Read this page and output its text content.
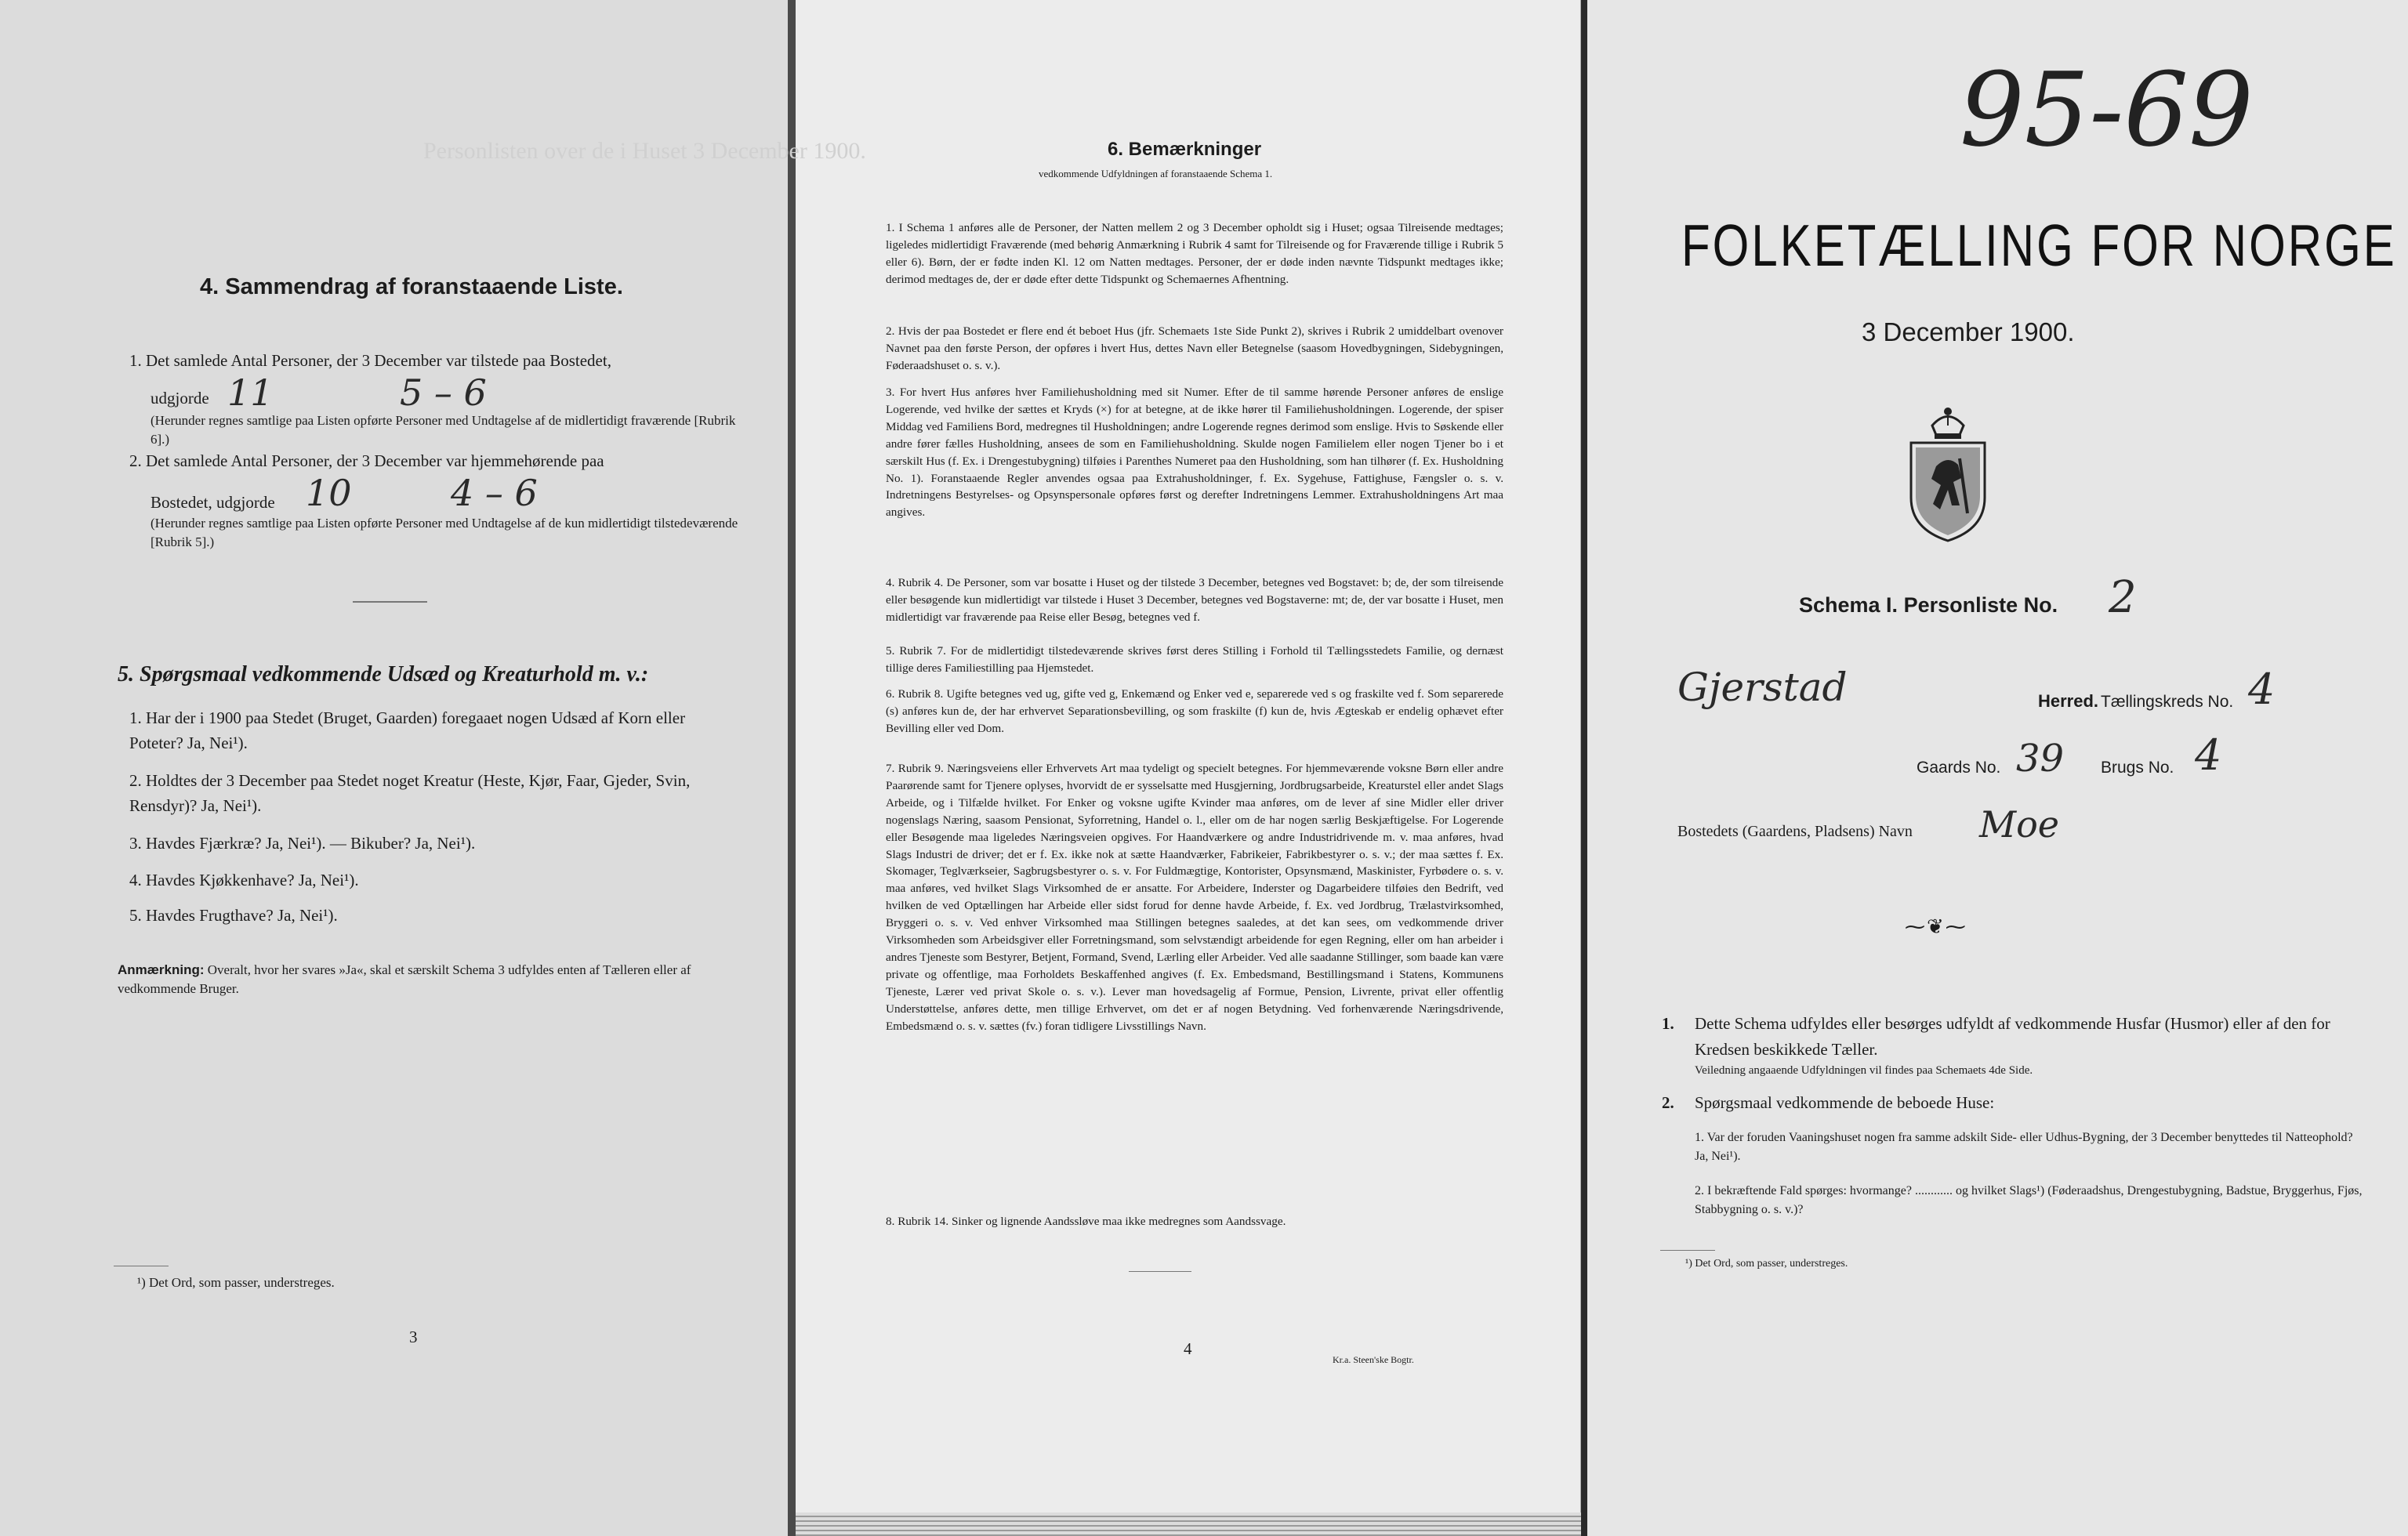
Personlisten over de i Huset 3 December 1900.
4. Sammendrag af foranstaaende Liste.
1. Det samlede Antal Personer, der 3 December var tilstede paa Bostedet,
udgjorde 11	5 – 6
(Herunder regnes samtlige paa Listen opførte Personer med Undtagelse af de midlertidigt fraværende [Rubrik 6].)
2. Det samlede Antal Personer, der 3 December var hjemmehørende paa
Bostedet, udgjorde 10	4 – 6
(Herunder regnes samtlige paa Listen opførte Personer med Undtagelse af de kun midlertidigt tilstedeværende [Rubrik 5].)
5. Spørgsmaal vedkommende Udsæd og Kreaturhold m. v.:
1. Har der i 1900 paa Stedet (Bruget, Gaarden) foregaaet nogen Udsæd af Korn eller Poteter? Ja, Nei¹).
2. Holdtes der 3 December paa Stedet noget Kreatur (Heste, Kjør, Faar, Gjeder, Svin, Rensdyr)? Ja, Nei¹).
3. Havdes Fjærkræ? Ja, Nei¹). — Bikuber? Ja, Nei¹).
4. Havdes Kjøkkenhave? Ja, Nei¹).
5. Havdes Frugthave? Ja, Nei¹).
Anmærkning: Overalt, hvor her svares »Ja«, skal et særskilt Schema 3 udfyldes enten af Tælleren eller af vedkommende Bruger.
¹) Det Ord, som passer, understreges.
3
6. Bemærkninger
vedkommende Udfyldningen af foranstaaende Schema 1.
1. I Schema 1 anføres alle de Personer, der Natten mellem 2 og 3 December opholdt sig i Huset; ogsaa Tilreisende medtages; ligeledes midlertidigt Fraværende (med behørig Anmærkning i Rubrik 4 samt for Tilreisende og for Fraværende tillige i Rubrik 5 eller 6). Børn, der er fødte inden Kl. 12 om Natten medtages. Personer, der er døde inden nævnte Tidspunkt medtages ikke; derimod medtages de, der er døde efter dette Tidspunkt og Schemaernes Afhentning.
2. Hvis der paa Bostedet er flere end ét beboet Hus (jfr. Schemaets 1ste Side Punkt 2), skrives i Rubrik 2 umiddelbart ovenover Navnet paa den første Person, der opføres i hvert Hus, dettes Navn eller Betegnelse (saasom Hovedbygningen, Sidebygningen, Føderaadshuset o. s. v.).
3. For hvert Hus anføres hver Familiehusholdning med sit Numer. Efter de til samme hørende Personer anføres de enslige Logerende, ved hvilke der sættes et Kryds (×) for at betegne, at de ikke hører til Familiehusholdningen. Logerende, der spiser Middag ved Familiens Bord, medregnes til Husholdningen; andre Logerende regnes derimod som enslige. Hvis to Søskende eller andre fører fælles Husholdning, ansees de som en Familiehusholdning. Skulde nogen Familielem eller nogen Tjener bo i et særskilt Hus (f. Ex. i Drengestubygning) tilføies i Parenthes Numeret paa den Husholdning, som han tilhører (f. Ex. Husholdning No. 1). Foranstaaende Regler anvendes ogsaa paa Extrahusholdninger, f. Ex. Sygehuse, Fattighuse, Fængsler o. s. v. Indretningens Bestyrelses- og Opsynspersonale opføres først og derefter Indretningens Lemmer. Extrahusholdningens Art maa angives.
4. Rubrik 4. De Personer, som var bosatte i Huset og der tilstede 3 December, betegnes ved Bogstavet: b; de, der som tilreisende eller besøgende kun midlertidigt var tilstede i Huset 3 December, betegnes ved Bogstaverne: mt; de, der var bosatte i Huset, men midlertidigt var fraværende paa Reise eller Besøg, betegnes ved f.
5. Rubrik 7. For de midlertidigt tilstedeværende skrives først deres Stilling i Forhold til Tællingsstedets Familie, og dernæst tillige deres Familiestilling paa Hjemstedet.
6. Rubrik 8. Ugifte betegnes ved ug, gifte ved g, Enkemænd og Enker ved e, separerede ved s og fraskilte ved f. Som separerede (s) anføres kun de, der har erhvervet Separationsbevilling, og som fraskilte (f) kun de, hvis Ægteskab er endelig ophævet efter Bevilling eller ved Dom.
7. Rubrik 9. Næringsveiens eller Erhvervets Art maa tydeligt og specielt betegnes. For hjemmeværende voksne Børn eller andre Paarørende samt for Tjenere oplyses, hvorvidt de er sysselsatte med Husgjerning, Jordbrugsarbeide, Kreaturstel eller andet Slags Arbeide, og i Tilfælde hvilket. For Enker og voksne ugifte Kvinder maa anføres, om de lever af sine Midler eller driver nogenslags Næring, saasom Pensionat, Syforretning, Handel o. l., eller om de har nogen særlig Beskjæftigelse. For Logerende eller Besøgende maa ligeledes Næringsveien opgives. For Haandværkere og andre Industridrivende m. v. maa anføres, hvad Slags Industri de driver; det er f. Ex. ikke nok at sætte Haandværker, Fabrikeier, Fabrikbestyrer o. s. v.; der maa sættes f. Ex. Skomager, Teglværkseier, Sagbrugsbestyrer o. s. v. For Fuldmægtige, Kontorister, Opsynsmænd, Maskinister, Fyrbødere o. s. v. maa anføres, ved hvilket Slags Virksomhed de er ansatte. For Arbeidere, Inderster og Dagarbeidere tilføies den Bedrift, ved hvilken de ved Optællingen har Arbeide eller sidst forud for denne havde Arbeide, f. Ex. ved Jordbrug, Trælastvirksomhed, Bryggeri o. s. v. Ved enhver Virksomhed maa Stillingen betegnes saaledes, at det kan sees, om vedkommende driver Virksomheden som Arbeidsgiver eller Forretningsmand, som selvstændigt arbeidende for egen Regning, eller om han arbeider i andres Tjeneste som Bestyrer, Betjent, Formand, Svend, Lærling eller Arbeider. Ved alle saadanne Stillinger, som baade kan være private og offentlige, maa Forholdets Beskaffenhed angives (f. Ex. Embedsmand, Bestillingsmand i Statens, Kommunens Tjeneste, Lærer ved privat Skole o. s. v.). Lever man hovedsagelig af Formue, Pension, Livrente, privat eller offentlig Understøttelse, anføres dette, men tillige Erhvervet, om det er af nogen Betydning. Ved forhenværende Næringsdrivende, Embedsmænd o. s. v. sættes (fv.) foran tidligere Livsstillings Navn.
8. Rubrik 14. Sinker og lignende Aandssløve maa ikke medregnes som Aandssvage.
4
Kr.a. Steen'ske Bogtr.
95-69
FOLKETÆLLING FOR NORGE
3 December 1900.
Schema I. Personliste No. 2
Gjerstad	Herred. Tællingskreds No. 4
Gaards No. 39 Brugs No. 4
Bostedets (Gaardens, Pladsens) Navn Moe
⁓❦⁓
1. Dette Schema udfyldes eller besørges udfyldt af vedkommende Husfar (Husmor) eller af den for Kredsen beskikkede Tæller.
Veiledning angaaende Udfyldningen vil findes paa Schemaets 4de Side.
2. Spørgsmaal vedkommende de beboede Huse:
1. Var der foruden Vaaningshuset nogen fra samme adskilt Side- eller Udhus-Bygning, der 3 December benyttedes til Natteophold? Ja, Nei¹).
2. I bekræftende Fald spørges: hvormange? ............ og hvilket Slags¹) (Føderaadshus, Drengestubygning, Badstue, Bryggerhus, Fjøs, Stabbygning o. s. v.)?
¹) Det Ord, som passer, understreges.
